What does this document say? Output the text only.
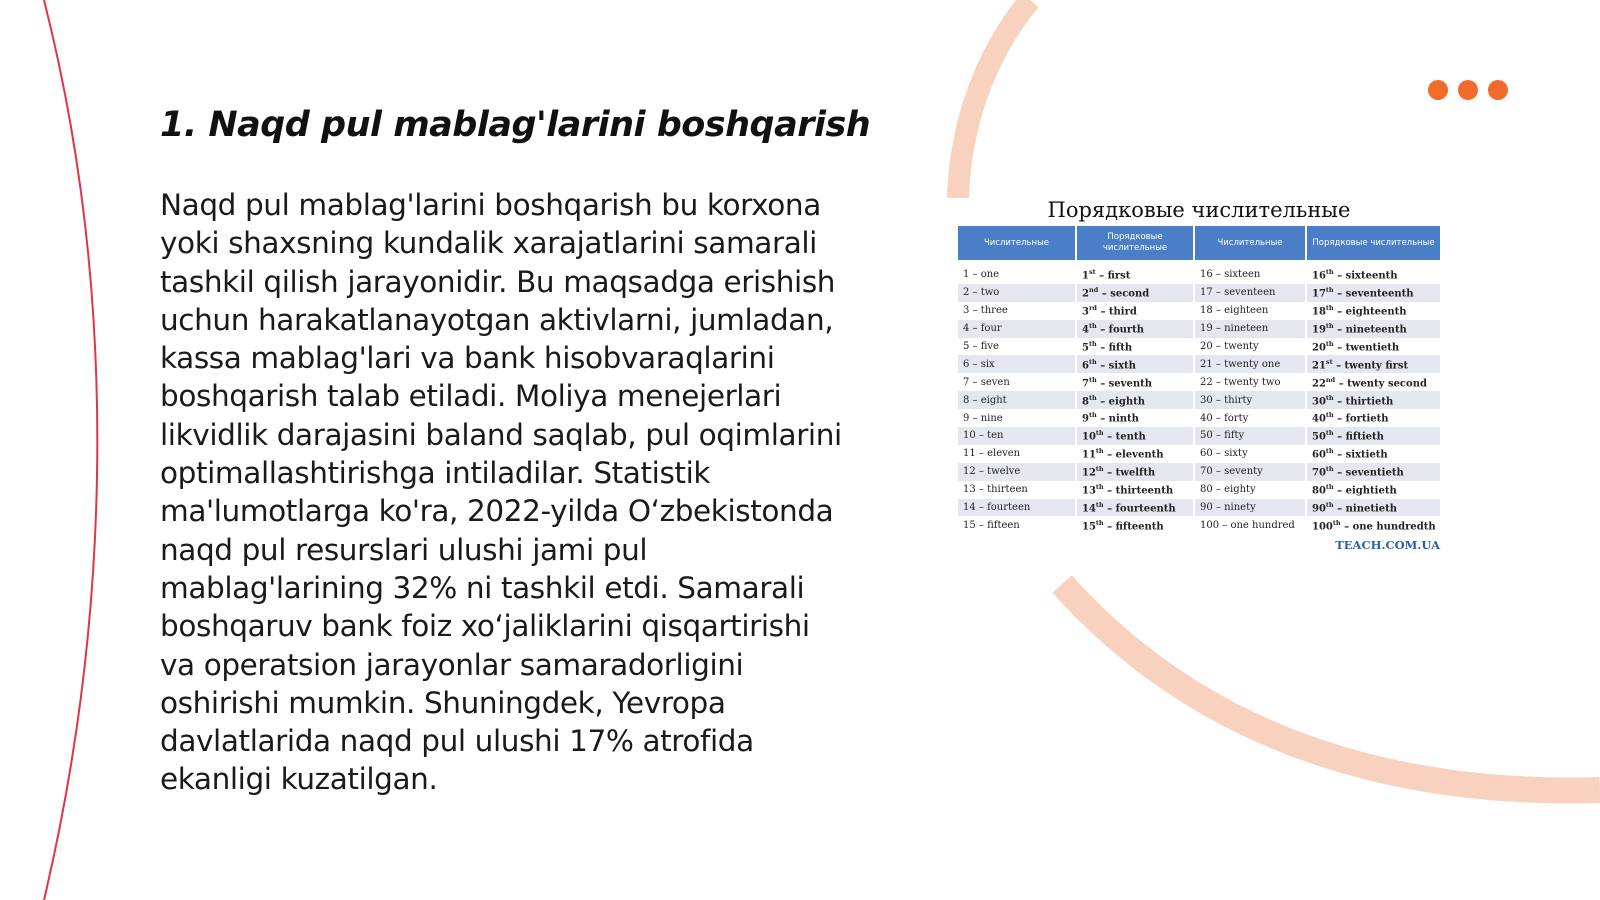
1. Naqd pul mablag'larini boshqarish

Naqd pul mablag'larini boshqarish bu korxona yoki shaxsning kundalik xarajatlarini samarali tashkil qilish jarayonidir. Bu maqsadga erishish uchun harakatlanayotgan aktivlarni, jumladan, kassa mablag'lari va bank hisobvaraqlarini boshqarish talab etiladi. Moliya menejerlari likvidlik darajasini baland saqlab, pul oqimlarini optimallashtirishga intiladilar. Statistik ma'lumotlarga ko'ra, 2022-yilda O‘zbekistonda naqd pul resurslari ulushi jami pul mablag'larining 32% ni tashkil etdi. Samarali boshqaruv bank foiz xo‘jaliklarini qisqartirishi va operatsion jarayonlar samaradorligini oshirishi mumkin. Shuningdek, Yevropa davlatlarida naqd pul ulushi 17% atrofida ekanligi kuzatilgan.

Порядковые числительные
Числительные	Порядковые числительные	Числительные	Порядковые числительные

1 – one	1st – first	16 – sixteen	16th – sixteenth
2 – two	2nd – second	17 – seventeen	17th – seventeenth
3 – three	3rd – third	18 – eighteen	18th – eighteenth
4 – four	4th – fourth	19 – nineteen	19th – nineteenth
5 – five	5th – fifth	20 – twenty	20th – twentieth
6 – six	6th – sixth	21 – twenty one	21st – twenty first
7 – seven	7th – seventh	22 – twenty two	22nd – twenty second
8 – eight	8th – eighth	30 – thirty	30th – thirtieth
9 – nine	9th – ninth	40 – forty	40th – fortieth
10 – ten	10th – tenth	50 – fifty	50th – fiftieth
11 – eleven	11th – eleventh	60 – sixty	60th – sixtieth
12 – twelve	12th – twelfth	70 – seventy	70th – seventieth
13 – thirteen	13th – thirteenth	80 – eighty	80th – eightieth
14 – fourteen	14th – fourteenth	90 – ninety	90th – ninetieth
15 – fifteen	15th – fifteenth	100 – one hundred	100th – one hundredth
TEACH.COM.UA
